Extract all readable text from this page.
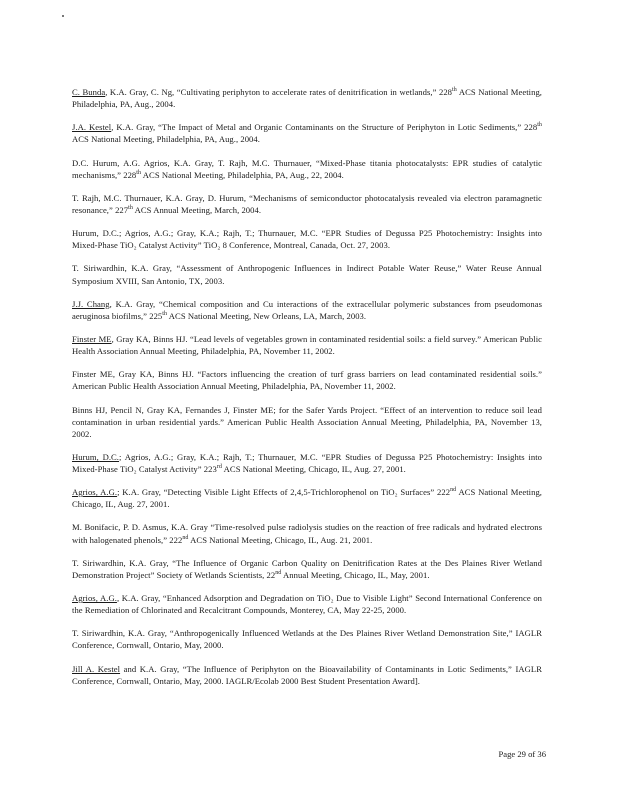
C. Bunda, K.A. Gray, C. Ng, “Cultivating periphyton to accelerate rates of denitrification in wetlands,” 228th ACS National Meeting, Philadelphia, PA, Aug., 2004.

J.A. Kestel, K.A. Gray, “The Impact of Metal and Organic Contaminants on the Structure of Periphyton in Lotic Sediments,” 228th ACS National Meeting, Philadelphia, PA, Aug., 2004.

D.C. Hurum, A.G. Agrios, K.A. Gray, T. Rajh, M.C. Thurnauer, “Mixed-Phase titania photocatalysts: EPR studies of catalytic mechanisms,” 228th ACS National Meeting, Philadelphia, PA, Aug., 22, 2004.

T. Rajh, M.C. Thurnauer, K.A. Gray, D. Hurum, “Mechanisms of semiconductor photocatalysis revealed via electron paramagnetic resonance,” 227th ACS Annual Meeting, March, 2004.

Hurum, D.C.; Agrios, A.G.; Gray, K.A.; Rajh, T.; Thurnauer, M.C. “EPR Studies of Degussa P25 Photochemistry: Insights into Mixed-Phase TiO₂ Catalyst Activity” TiO₂ 8 Conference, Montreal, Canada, Oct. 27, 2003.

T. Siriwardhin, K.A. Gray, “Assessment of Anthropogenic Influences in Indirect Potable Water Reuse,” Water Reuse Annual Symposium XVIII, San Antonio, TX, 2003.

J.J. Chang, K.A. Gray, “Chemical composition and Cu interactions of the extracellular polymeric substances from pseudomonas aeruginosa biofilms,” 225th ACS National Meeting, New Orleans, LA, March, 2003.

Finster ME, Gray KA, Binns HJ. “Lead levels of vegetables grown in contaminated residential soils: a field survey.” American Public Health Association Annual Meeting, Philadelphia, PA, November 11, 2002.

Finster ME, Gray KA, Binns HJ. “Factors influencing the creation of turf grass barriers on lead contaminated residential soils.” American Public Health Association Annual Meeting, Philadelphia, PA, November 11, 2002.

Binns HJ, Pencil N, Gray KA, Fernandes J, Finster ME; for the Safer Yards Project. “Effect of an intervention to reduce soil lead contamination in urban residential yards.” American Public Health Association Annual Meeting, Philadelphia, PA, November 13, 2002.

Hurum, D.C.; Agrios, A.G.; Gray, K.A.; Rajh, T.; Thurnauer, M.C. “EPR Studies of Degussa P25 Photochemistry: Insights into Mixed-Phase TiO₂ Catalyst Activity” 223rd ACS National Meeting, Chicago, IL, Aug. 27, 2001.

Agrios, A.G.; K.A. Gray, “Detecting Visible Light Effects of 2,4,5-Trichlorophenol on TiO₂ Surfaces” 222nd ACS National Meeting, Chicago, IL, Aug. 27, 2001.

M. Bonifacic, P. D. Asmus, K.A. Gray “Time-resolved pulse radiolysis studies on the reaction of free radicals and hydrated electrons with halogenated phenols,” 222nd ACS National Meeting, Chicago, IL, Aug. 21, 2001.

T. Siriwardhin, K.A. Gray, “The Influence of Organic Carbon Quality on Denitrification Rates at the Des Plaines River Wetland Demonstration Project” Society of Wetlands Scientists, 22nd Annual Meeting, Chicago, IL, May, 2001.

Agrios, A.G., K.A. Gray, “Enhanced Adsorption and Degradation on TiO₂ Due to Visible Light” Second International Conference on the Remediation of Chlorinated and Recalcitrant Compounds, Monterey, CA, May 22-25, 2000.

T. Siriwardhin, K.A. Gray, “Anthropogenically Influenced Wetlands at the Des Plaines River Wetland Demonstration Site,” IAGLR Conference, Cornwall, Ontario, May, 2000.

Jill A. Kestel and K.A. Gray, “The Influence of Periphyton on the Bioavailability of Contaminants in Lotic Sediments,” IAGLR Conference, Cornwall, Ontario, May, 2000. IAGLR/Ecolab 2000 Best Student Presentation Award].

Page 29 of 36
